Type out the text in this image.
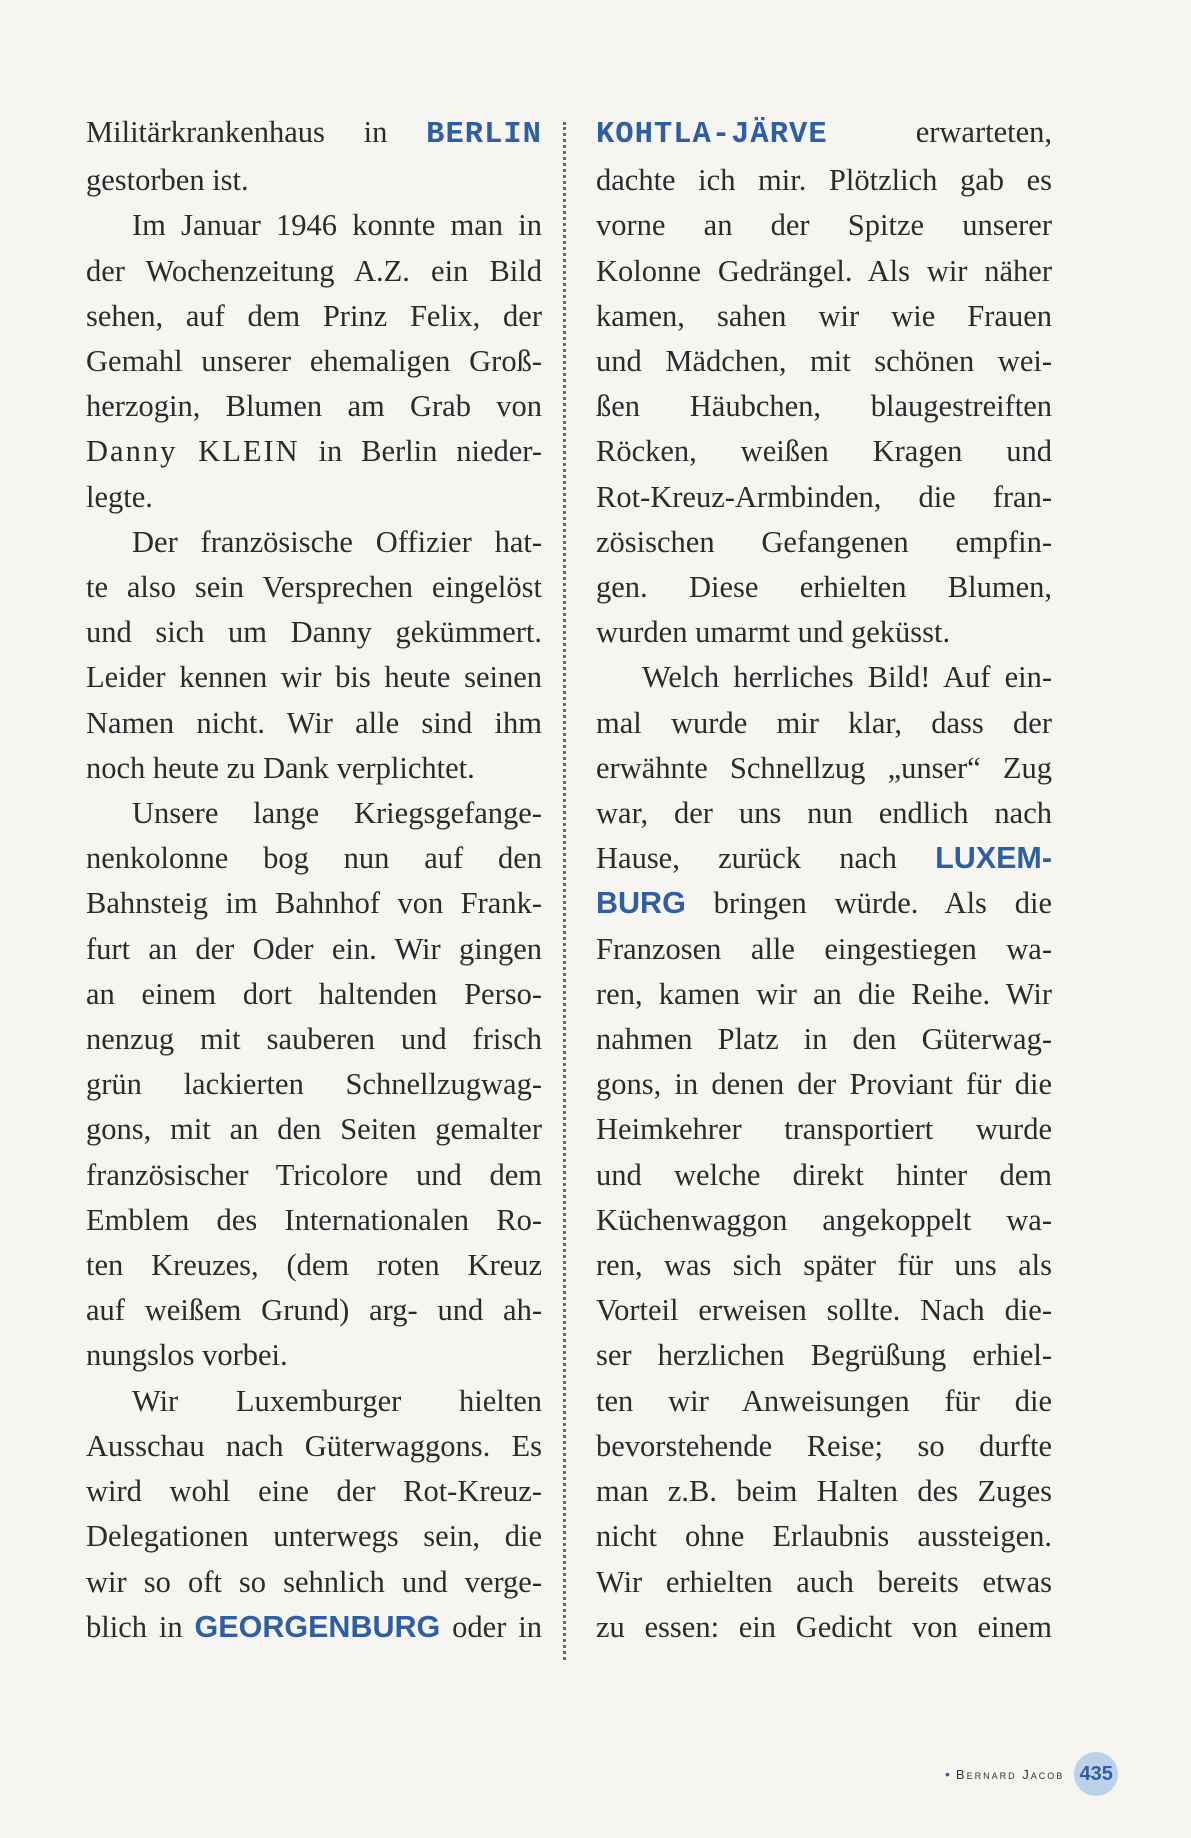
Militärkrankenhaus in BERLIN
gestorben ist.
Im Januar 1946 konnte man in
der Wochenzeitung A.Z. ein Bild
sehen, auf dem Prinz Felix, der
Gemahl unserer ehemaligen Groß-
herzogin, Blumen am Grab von
Danny KLEIN in Berlin nieder-
legte.
Der französische Offizier hat-
te also sein Versprechen eingelöst
und sich um Danny gekümmert.
Leider kennen wir bis heute seinen
Namen nicht. Wir alle sind ihm
noch heute zu Dank verplichtet.
Unsere lange Kriegsgefange-
nenkolonne bog nun auf den
Bahnsteig im Bahnhof von Frank-
furt an der Oder ein. Wir gingen
an einem dort haltenden Perso-
nenzug mit sauberen und frisch
grün lackierten Schnellzugwag-
gons, mit an den Seiten gemalter
französischer Tricolore und dem
Emblem des Internationalen Ro-
ten Kreuzes, (dem roten Kreuz
auf weißem Grund) arg- und ah-
nungslos vorbei.
Wir Luxemburger hielten
Ausschau nach Güterwaggons. Es
wird wohl eine der Rot-Kreuz-
Delegationen unterwegs sein, die
wir so oft so sehnlich und verge-
blich in GEORGENBURG oder in
KOHTLA-JÄRVE erwarteten,
dachte ich mir. Plötzlich gab es
vorne an der Spitze unserer
Kolonne Gedrängel. Als wir näher
kamen, sahen wir wie Frauen
und Mädchen, mit schönen wei-
ßen Häubchen, blaugestreiften
Röcken, weißen Kragen und
Rot-Kreuz-Armbinden, die fran-
zösischen Gefangenen empfin-
gen. Diese erhielten Blumen,
wurden umarmt und geküsst.
Welch herrliches Bild! Auf ein-
mal wurde mir klar, dass der
erwähnte Schnellzug „unser“ Zug
war, der uns nun endlich nach
Hause, zurück nach LUXEM-
BURG bringen würde. Als die
Franzosen alle eingestiegen wa-
ren, kamen wir an die Reihe. Wir
nahmen Platz in den Güterwag-
gons, in denen der Proviant für die
Heimkehrer transportiert wurde
und welche direkt hinter dem
Küchenwaggon angekoppelt wa-
ren, was sich später für uns als
Vorteil erweisen sollte. Nach die-
ser herzlichen Begrüßung erhiel-
ten wir Anweisungen für die
bevorstehende Reise; so durfte
man z.B. beim Halten des Zuges
nicht ohne Erlaubnis aussteigen.
Wir erhielten auch bereits etwas
zu essen: ein Gedicht von einem
• Bernard Jacob 435
